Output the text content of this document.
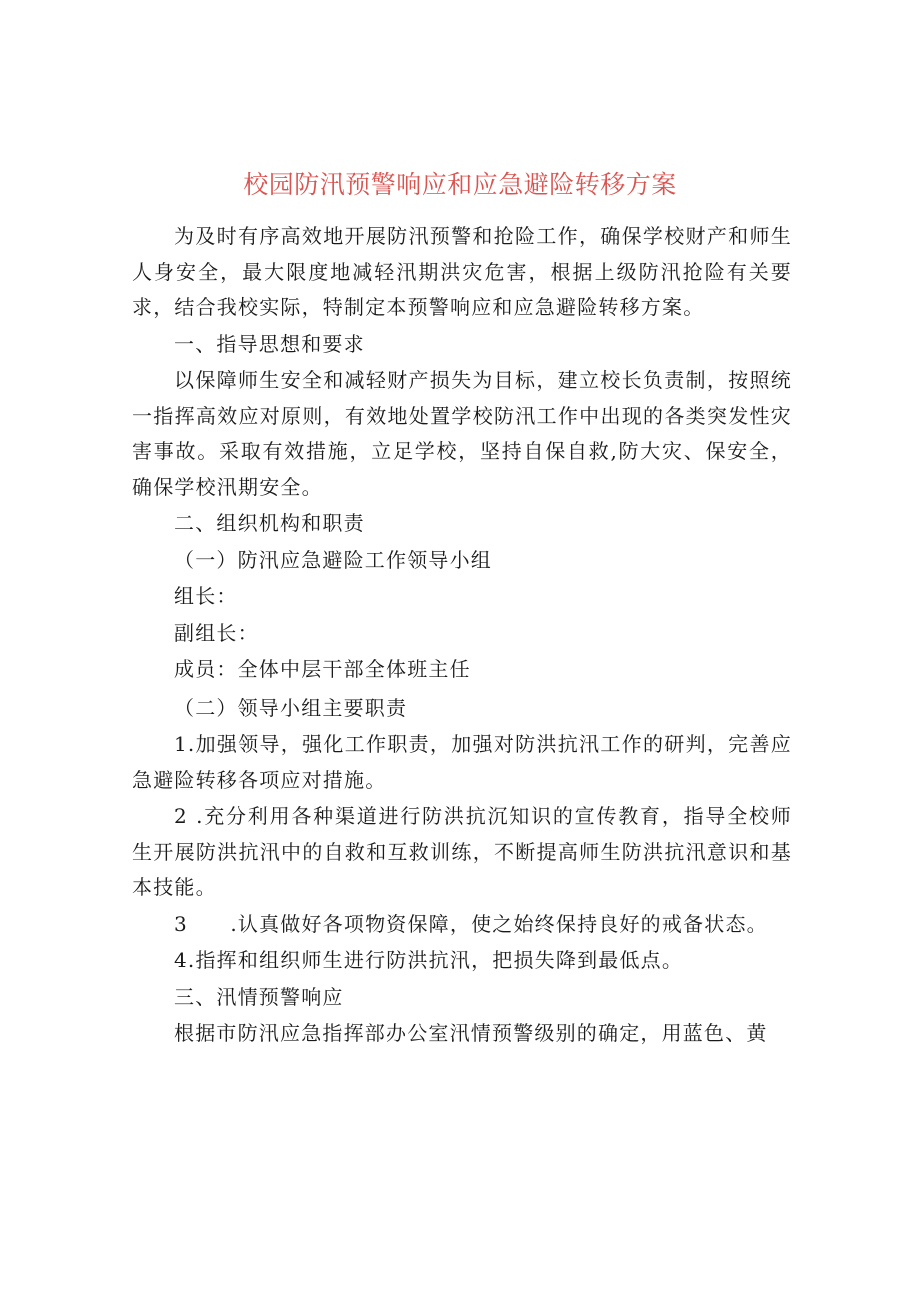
校园防汛预警响应和应急避险转移方案

为及时有序高效地开展防汛预警和抢险工作，确保学校财产和师生人身安全，最大限度地减轻汛期洪灾危害，根据上级防汛抢险有关要求，结合我校实际，特制定本预警响应和应急避险转移方案。

一、指导思想和要求

以保障师生安全和减轻财产损失为目标，建立校长负责制，按照统一指挥高效应对原则，有效地处置学校防汛工作中出现的各类突发性灾害事故。采取有效措施，立足学校，坚持自保自救,防大灾、保安全，确保学校汛期安全。

二、组织机构和职责

（一）防汛应急避险工作领导小组

组长：

副组长：

成员：全体中层干部全体班主任

（二）领导小组主要职责

1.加强领导，强化工作职责，加强对防洪抗汛工作的研判，完善应急避险转移各项应对措施。

2 .充分利用各种渠道进行防洪抗沉知识的宣传教育，指导全校师生开展防洪抗汛中的自救和互救训练，不断提高师生防洪抗汛意识和基本技能。

3　　.认真做好各项物资保障，使之始终保持良好的戒备状态。

4.指挥和组织师生进行防洪抗汛，把损失降到最低点。

三、汛情预警响应

根据市防汛应急指挥部办公室汛情预警级别的确定，用蓝色、黄
